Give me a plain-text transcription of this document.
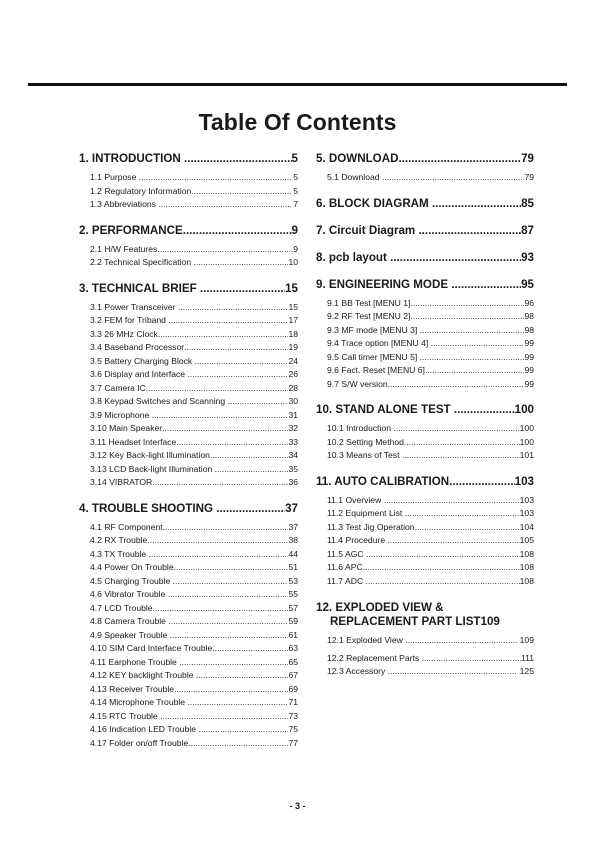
Table Of Contents
1. INTRODUCTION .....	5
1.1 Purpose .....	5
1.2 Regulatory Information .....	5
1.3 Abbreviations .....	7
2. PERFORMANCE .....	9
2.1 H/W Features .....	9
2.2 Technical Specification .....	10
3. TECHNICAL BRIEF .....	15
3.1 Power Transceiver .....	15
3.2 FEM for Triband .....	17
3.3 26 MHz Clock .....	18
3.4 Baseband Processor .....	19
3.5 Battery Charging Block .....	24
3.6 Display and Interface .....	26
3.7 Camera IC .....	28
3.8 Keypad Switches and Scanning .....	30
3.9 Microphone .....	31
3.10 Main Speaker .....	32
3.11 Headset Interface .....	33
3.12 Key Back-light Illumination .....	34
3.13 LCD Back-light Illumination .....	35
3.14 VIBRATOR .....	36
4. TROUBLE SHOOTING .....	37
4.1 RF Component .....	37
4.2 RX Trouble .....	38
4.3 TX Trouble .....	44
4.4 Power On Trouble .....	51
4.5 Charging Trouble .....	53
4.6 Vibrator Trouble .....	55
4.7 LCD Trouble .....	57
4.8 Camera Trouble .....	59
4.9 Speaker Trouble .....	61
4.10 SIM Card Interface Trouble .....	63
4.11 Earphone Trouble .....	65
4.12 KEY backlight Trouble .....	67
4.13 Receiver Trouble .....	69
4.14 Microphone Trouble .....	71
4.15 RTC Trouble .....	73
4.16 Indication LED Trouble .....	75
4.17 Folder on/off Trouble .....	77
5. DOWNLOAD .....	79
5.1 Download .....	79
6. BLOCK DIAGRAM .....	85
7. Circuit Diagram .....	87
8. pcb layout .....	93
9. ENGINEERING MODE .....	95
9.1 BB Test [MENU 1] .....	96
9.2 RF Test [MENU 2] .....	98
9.3 MF mode [MENU 3] .....	98
9.4 Trace option [MENU 4] .....	99
9.5 Call timer [MENU 5] .....	99
9.6 Fact. Reset [MENU 6] .....	99
9.7 S/W version .....	99
10. STAND ALONE TEST .....	100
10.1 Introduction .....	100
10.2 Setting Method .....	100
10.3 Means of Test .....	101
11. AUTO CALIBRATION .....	103
11.1 Overview .....	103
11.2 Equipment List .....	103
11.3 Test Jig Operation .....	104
11.4 Procedure .....	105
11.5 AGC .....	108
11.6 APC .....	108
11.7 ADC .....	108
12. EXPLODED VIEW &
REPLACEMENT PART LIST 109
12.1 Exploded View .....	109
12.2 Replacement Parts .....	111
12.3 Accessory .....	125
- 3 -
